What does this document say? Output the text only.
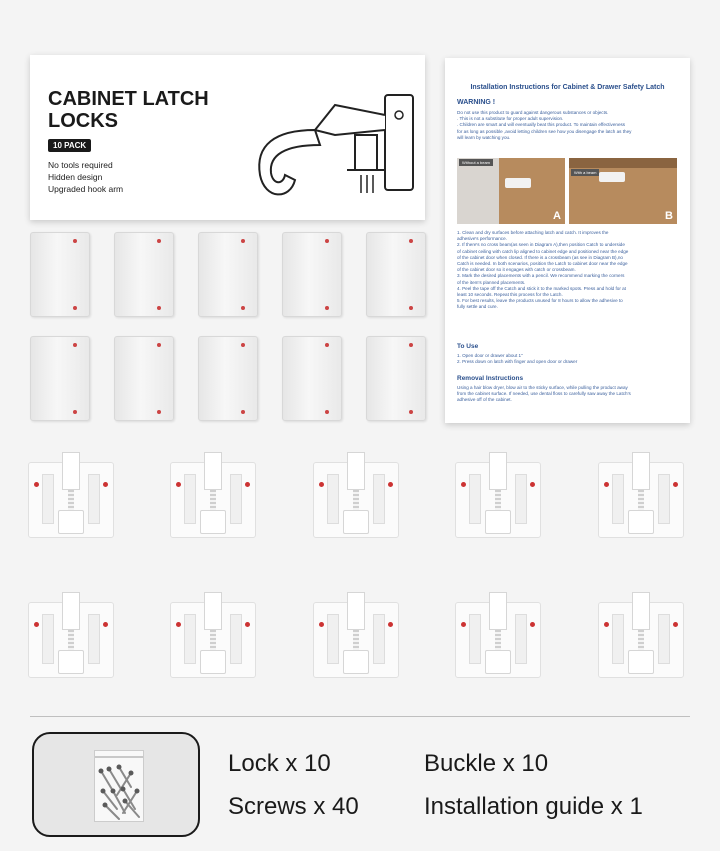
CABINET LATCH
LOCKS
10 PACK
No tools required
Hidden design
Upgraded hook arm
Installation Instructions for Cabinet & Drawer Safety Latch
WARNING !
Do not use this product to guard against dangerous substances or objects.
. This is not a substitute for proper adult supervision.
. Children are smart and will eventually beat this product. To maintain effectiveness
for as long as possible ,avoid letting children see how you disengage the latch as they
will learn by watching you.
Without a beam
A
With a beam
B
1. Clean and dry surfaces before attaching latch and catch. It improves the
adhesive's performance.
2. If there's no cross beam(as seen in Diagram A),then position Catch to underside
of cabinet ceiling with catch lip aligned to cabinet edge and positioned near the edge
of the cabinet door when closed. If there is a crossbeam (as see in Diagram B),no
Catch is needed. In both scenarios, position the Latch to cabinet door near the edge
of the cabinet door so it engages with catch or crossbeam.
3. Mark the desired placements with a pencil. We recommend marking the corners
of the item's planned placements.
4. Peel the tape off the Catch and stick it to the marked spots. Press and hold for at
least 10 seconds. Repeat this process for the Latch.
5. For best results, leave the products unused for 8 hours to allow the adhesive to
fully settle and cure.
To Use
1. Open door or drawer about 1"
2. Press down on latch with finger and open door or drawer
Removal Instructions
Using a hair blow dryer, blow air to the sticky surface, while pulling the product away
from the cabinet surface. If needed, use dental floss to carefully saw away the Latch's
adhesive off of the cabinet.
Lock x 10	Buckle x 10
Screws x 40	Installation guide x 1
